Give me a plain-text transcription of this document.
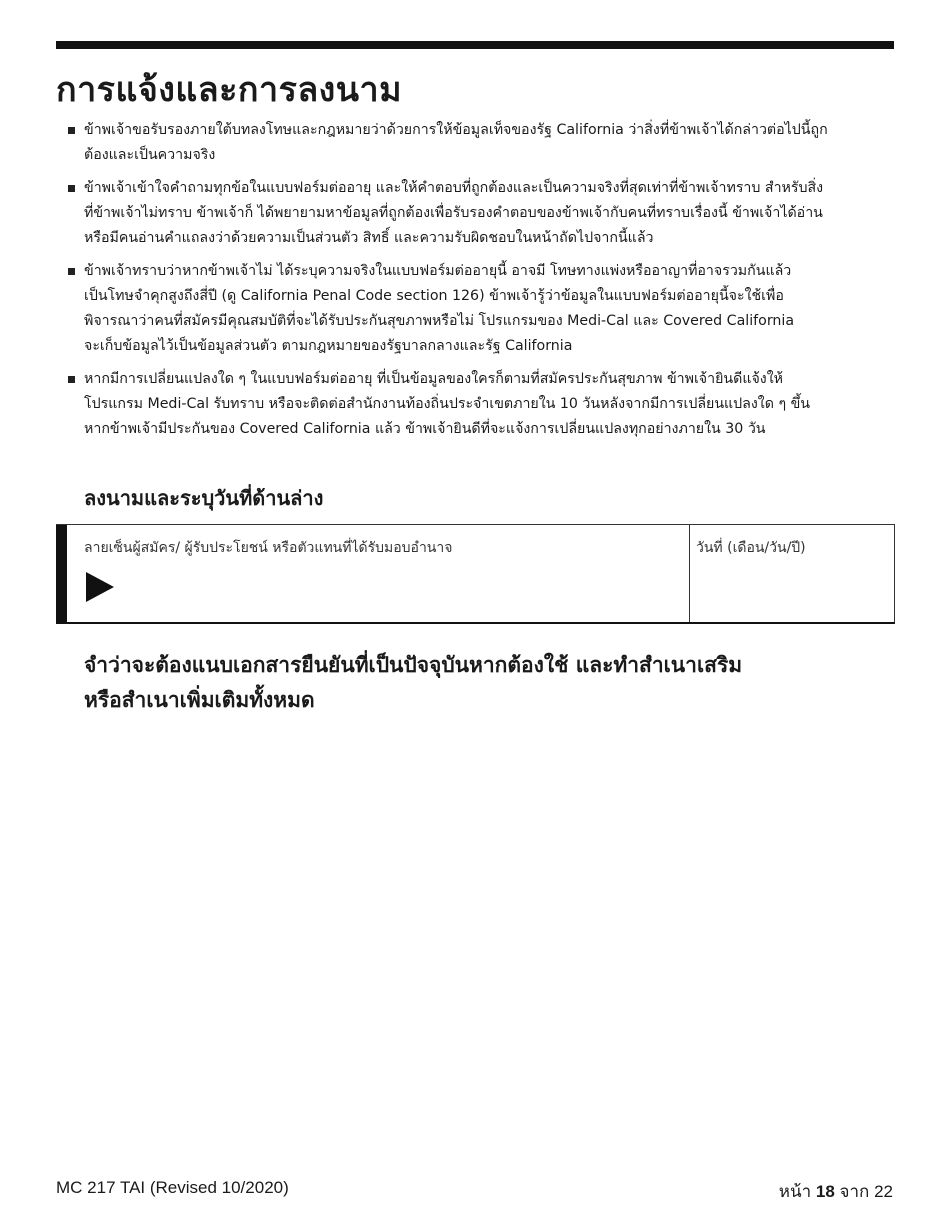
การแจ้งและการลงนาม
ข้าพเจ้าขอรับรองภายใต้บทลงโทษและกฎหมายว่าด้วยการให้ข้อมูลเท็จของรัฐ California ว่าสิ่งที่ข้าพเจ้าได้กล่าวต่อไปนี้ถูก
ต้องและเป็นความจริง
ข้าพเจ้าเข้าใจคำถามทุกข้อในแบบฟอร์มต่ออายุ และให้คำตอบที่ถูกต้องและเป็นความจริงที่สุดเท่าที่ข้าพเจ้าทราบ สำหรับสิ่ง
ที่ข้าพเจ้าไม่ทราบ ข้าพเจ้าก็ ได้พยายามหาข้อมูลที่ถูกต้องเพื่อรับรองคำตอบของข้าพเจ้ากับคนที่ทราบเรื่องนี้ ข้าพเจ้าได้อ่าน
หรือมีคนอ่านคำแถลงว่าด้วยความเป็นส่วนตัว สิทธิ์ และความรับผิดชอบในหน้าถัดไปจากนี้แล้ว
ข้าพเจ้าทราบว่าหากข้าพเจ้าไม่ ได้ระบุความจริงในแบบฟอร์มต่ออายุนี้ อาจมี โทษทางแพ่งหรืออาญาที่อาจรวมกันแล้ว
เป็นโทษจำคุกสูงถึงสี่ปี (ดู California Penal Code section 126) ข้าพเจ้ารู้ว่าข้อมูลในแบบฟอร์มต่ออายุนี้จะใช้เพื่อ
พิจารณาว่าคนที่สมัครมีคุณสมบัติที่จะได้รับประกันสุขภาพหรือไม่ โปรแกรมของ Medi-Cal และ Covered California
จะเก็บข้อมูลไว้เป็นข้อมูลส่วนตัว ตามกฎหมายของรัฐบาลกลางและรัฐ California
หากมีการเปลี่ยนแปลงใด ๆ ในแบบฟอร์มต่ออายุ ที่เป็นข้อมูลของใครก็ตามที่สมัครประกันสุขภาพ ข้าพเจ้ายินดีแจ้งให้
โปรแกรม Medi-Cal รับทราบ หรือจะติดต่อสำนักงานท้องถิ่นประจำเขตภายใน 10 วันหลังจากมีการเปลี่ยนแปลงใด ๆ ขึ้น
หากข้าพเจ้ามีประกันของ Covered California แล้ว ข้าพเจ้ายินดีที่จะแจ้งการเปลี่ยนแปลงทุกอย่างภายใน 30 วัน
ลงนามและระบุวันที่ด้านล่าง
ลายเซ็นผู้สมัคร/ ผู้รับประโยชน์ หรือตัวแทนที่ได้รับมอบอำนาจ	วันที่ (เดือน/วัน/ปี)
จำว่าจะต้องแนบเอกสารยืนยันที่เป็นปัจจุบันหากต้องใช้ และทำสำเนาเสริม
หรือสำเนาเพิ่มเติมทั้งหมด
MC 217 TAI (Revised 10/2020)	หน้า 18 จาก 22
